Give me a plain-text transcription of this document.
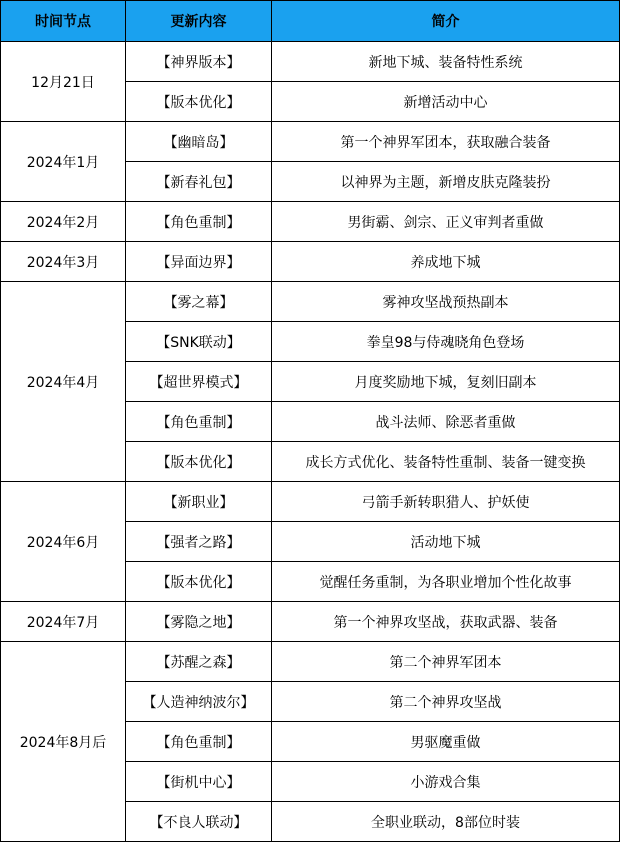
时间节点	更新内容	简介
12月21日	【神界版本】	新地下城、装备特性系统
	【版本优化】	新增活动中心
2024年1月	【幽暗岛】	第一个神界军团本，获取融合装备
	【新春礼包】	以神界为主题，新增皮肤克隆装扮
2024年2月	【角色重制】	男街霸、剑宗、正义审判者重做
2024年3月	【异面边界】	养成地下城
2024年4月	【雾之幕】	雾神攻坚战预热副本
	【SNK联动】	拳皇98与侍魂晓角色登场
	【超世界模式】	月度奖励地下城，复刻旧副本
	【角色重制】	战斗法师、除恶者重做
	【版本优化】	成长方式优化、装备特性重制、装备一键变换
2024年6月	【新职业】	弓箭手新转职猎人、护妖使
	【强者之路】	活动地下城
	【版本优化】	觉醒任务重制，为各职业增加个性化故事
2024年7月	【雾隐之地】	第一个神界攻坚战，获取武器、装备
2024年8月后	【苏醒之森】	第二个神界军团本
	【人造神纳波尔】	第二个神界攻坚战
	【角色重制】	男驱魔重做
	【街机中心】	小游戏合集
	【不良人联动】	全职业联动，8部位时装
